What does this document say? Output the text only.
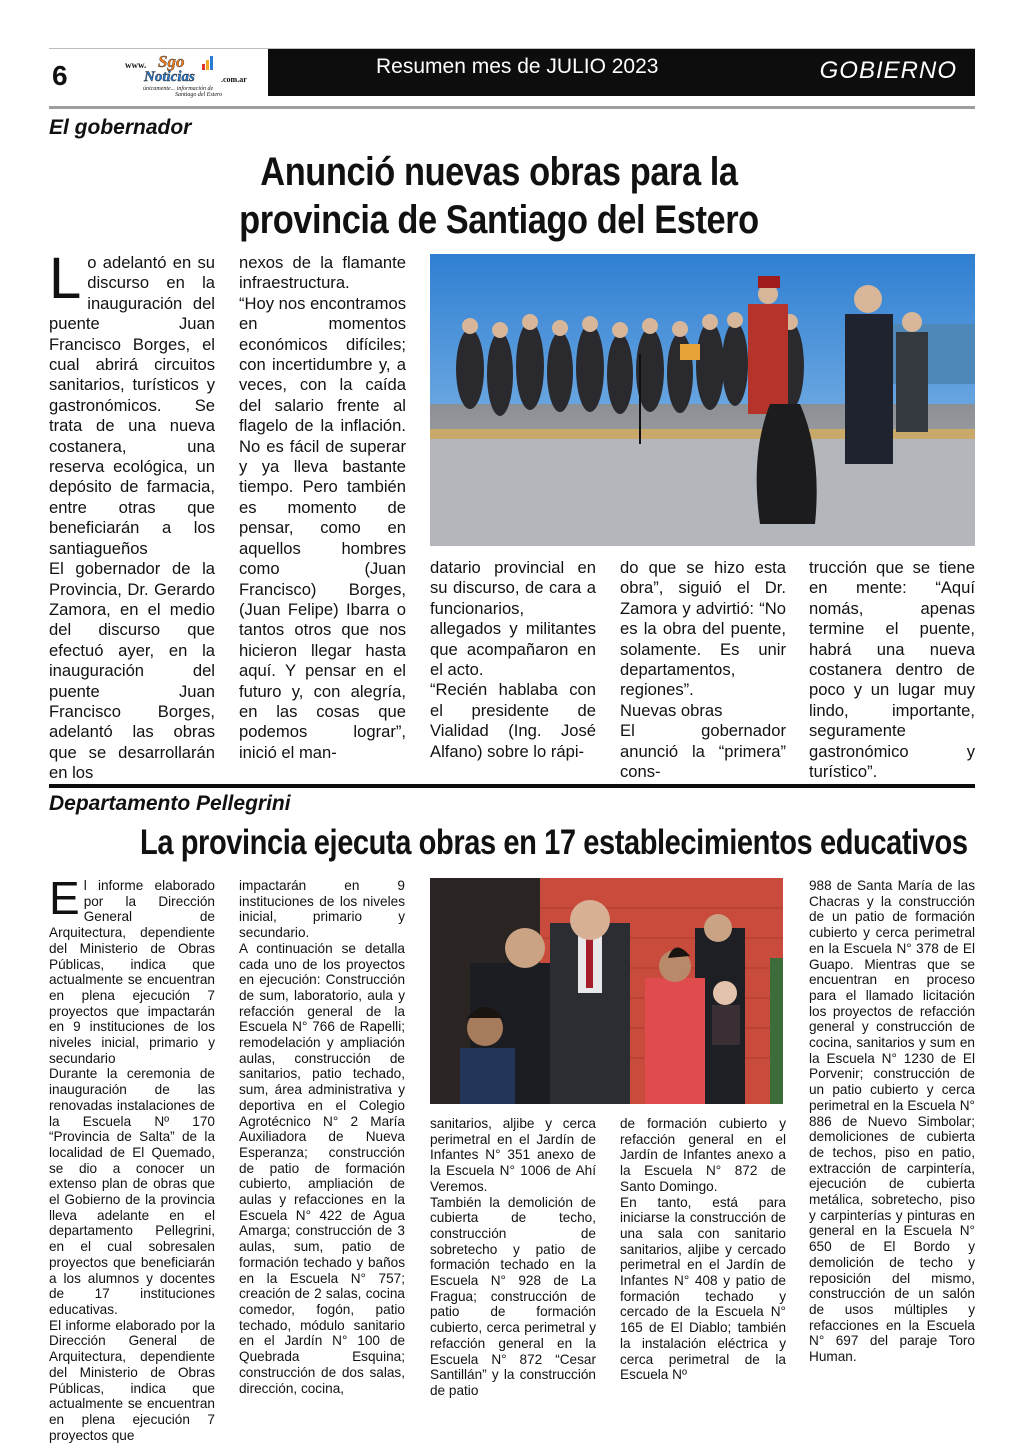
6	www. Sgo
Noticias	.com.ar
únicamente... información de
Santiago del Estero
Resumen mes de JULIO 2023	GOBIERNO
El gobernador
Anunció nuevas obras para la
provincia de Santiago del Estero

Lo adelantó en su discurso en la inauguración del puente Juan Francisco Borges, el cual abrirá circuitos sanitarios, turísticos y gastronómicos. Se trata de una nueva costanera, una reserva ecológica, un depósito de farmacia, entre otras que beneficiarán a los santiagueños

El gobernador de la Provincia, Dr. Gerardo Zamora, en el medio del discurso que efectuó ayer, en la inauguración del puente Juan Francisco Borges, adelantó las obras que se desarrollarán en los

nexos de la flamante infraestructura.

“Hoy nos encontramos en momentos económicos difíciles; con incertidumbre y, a veces, con la caída del salario frente al flagelo de la inflación. No es fácil de superar y ya lleva bastante tiempo. Pero también es momento de pensar, como en aquellos hombres como (Juan Francisco) Borges, (Juan Felipe) Ibarra o tantos otros que nos hicieron llegar hasta aquí. Y pensar en el futuro y, con alegría, en las cosas que podemos lograr”, inició el man-

datario provincial en su discurso, de cara a funcionarios, allegados y militantes que acompañaron en el acto.

“Recién hablaba con el presidente de Vialidad (Ing. José Alfano) sobre lo rápi-

do que se hizo esta obra”, siguió el Dr. Zamora y advirtió: “No es la obra del puente, solamente. Es unir departamentos, regiones”.

Nuevas obras

El gobernador anunció la “primera” cons-

trucción que se tiene en mente: “Aquí nomás, apenas termine el puente, habrá una nueva costanera dentro de poco y un lugar muy lindo, importante, seguramente gastronómico y turístico”.

Departamento Pellegrini
La provincia ejecuta obras en 17 establecimientos educativos

El informe elaborado por la Dirección General de Arquitectura, dependiente del Ministerio de Obras Públicas, indica que actualmente se encuentran en plena ejecución 7 proyectos que impactarán en 9 instituciones de los niveles inicial, primario y secundario

Durante la ceremonia de inauguración de las renovadas instalaciones de la Escuela Nº 170 “Provincia de Salta” de la localidad de El Quemado, se dio a conocer un extenso plan de obras que el Gobierno de la provincia lleva adelante en el departamento Pellegrini, en el cual sobresalen proyectos que beneficiarán a los alumnos y docentes de 17 instituciones educativas.

El informe elaborado por la Dirección General de Arquitectura, dependiente del Ministerio de Obras Públicas, indica que actualmente se encuentran en plena ejecución 7 proyectos que

impactarán en 9 instituciones de los niveles inicial, primario y secundario.

A continuación se detalla cada uno de los proyectos en ejecución: Construcción de sum, laboratorio, aula y refacción general de la Escuela N° 766 de Rapelli; remodelación y ampliación aulas, construcción de sanitarios, patio techado, sum, área administrativa y deportiva en el Colegio Agrotécnico N° 2 María Auxiliadora de Nueva Esperanza; construcción de patio de formación cubierto, ampliación de aulas y refacciones en la Escuela N° 422 de Agua Amarga; construcción de 3 aulas, sum, patio de formación techado y baños en la Escuela N° 757; creación de 2 salas, cocina comedor, fogón, patio techado, módulo sanitario en el Jardín N° 100 de Quebrada Esquina; construcción de dos salas, dirección, cocina,

sanitarios, aljibe y cerca perimetral en el Jardín de Infantes N° 351 anexo de la Escuela N° 1006 de Ahí Veremos.

También la demolición de cubierta de techo, construcción de sobretecho y patio de formación techado en la Escuela N° 928 de La Fragua; construcción de patio de formación cubierto, cerca perimetral y refacción general en la Escuela N° 872 “Cesar Santillán” y la construcción de patio

de formación cubierto y refacción general en el Jardín de Infantes anexo a la Escuela N° 872 de Santo Domingo.

En tanto, está para iniciarse la construcción de una sala con sanitario sanitarios, aljibe y cercado perimetral en el Jardín de Infantes N° 408 y patio de formación techado y cercado de la Escuela N° 165 de El Diablo; también la instalación eléctrica y cerca perimetral de la Escuela Nº

988 de Santa María de las Chacras y la construcción de un patio de formación cubierto y cerca perimetral en la Escuela N° 378 de El Guapo. Mientras que se encuentran en proceso para el llamado licitación los proyectos de refacción general y construcción de cocina, sanitarios y sum en la Escuela N° 1230 de El Porvenir; construcción de un patio cubierto y cerca perimetral en la Escuela N° 886 de Nuevo Simbolar; demoliciones de cubierta de techos, piso en patio, extracción de carpintería, ejecución de cubierta metálica, sobretecho, piso y carpinterías y pinturas en general en la Escuela N° 650 de El Bordo y demolición de techo y reposición del mismo, construcción de un salón de usos múltiples y refacciones en la Escuela N° 697 del paraje Toro Human.
